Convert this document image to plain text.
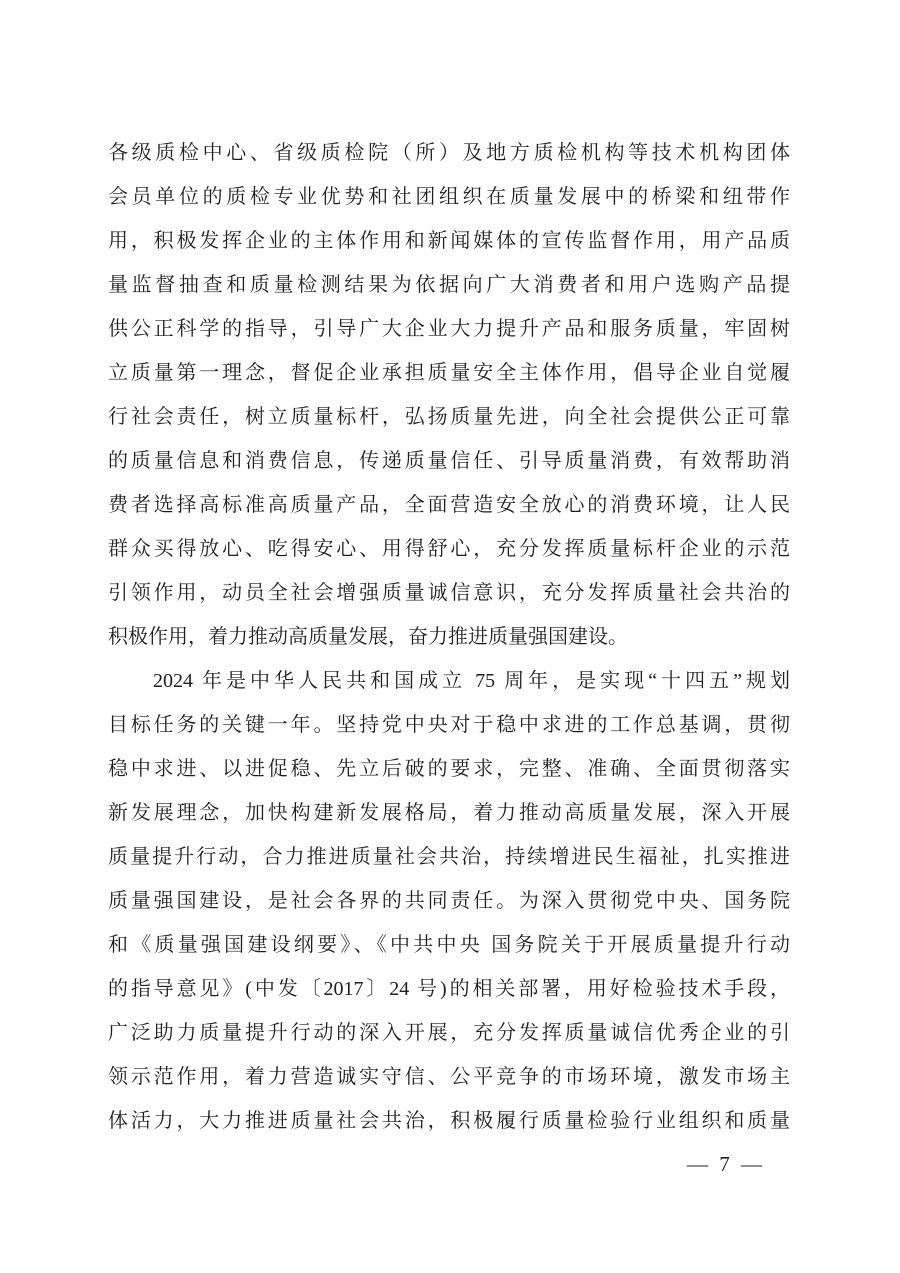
各级质检中心、省级质检院（所）及地方质检机构等技术机构团体
会员单位的质检专业优势和社团组织在质量发展中的桥梁和纽带作
用，积极发挥企业的主体作用和新闻媒体的宣传监督作用，用产品质
量监督抽查和质量检测结果为依据向广大消费者和用户选购产品提
供公正科学的指导，引导广大企业大力提升产品和服务质量，牢固树
立质量第一理念，督促企业承担质量安全主体作用，倡导企业自觉履
行社会责任，树立质量标杆，弘扬质量先进，向全社会提供公正可靠
的质量信息和消费信息，传递质量信任、引导质量消费，有效帮助消
费者选择高标准高质量产品，全面营造安全放心的消费环境，让人民
群众买得放心、吃得安心、用得舒心，充分发挥质量标杆企业的示范
引领作用，动员全社会增强质量诚信意识，充分发挥质量社会共治的
积极作用，着力推动高质量发展，奋力推进质量强国建设。
2024 年是中华人民共和国成立 75 周年，是实现“十四五”规划
目标任务的关键一年。坚持党中央对于稳中求进的工作总基调，贯彻
稳中求进、以进促稳、先立后破的要求，完整、准确、全面贯彻落实
新发展理念，加快构建新发展格局，着力推动高质量发展，深入开展
质量提升行动，合力推进质量社会共治，持续增进民生福祉，扎实推进
质量强国建设，是社会各界的共同责任。为深入贯彻党中央、国务院
和《质量强国建设纲要》、《中共中央 国务院关于开展质量提升行动
的指导意见》(中发〔2017〕24 号)的相关部署，用好检验技术手段，
广泛助力质量提升行动的深入开展，充分发挥质量诚信优秀企业的引
领示范作用，着力营造诚实守信、公平竞争的市场环境，激发市场主
体活力，大力推进质量社会共治，积极履行质量检验行业组织和质量
— 7 —
